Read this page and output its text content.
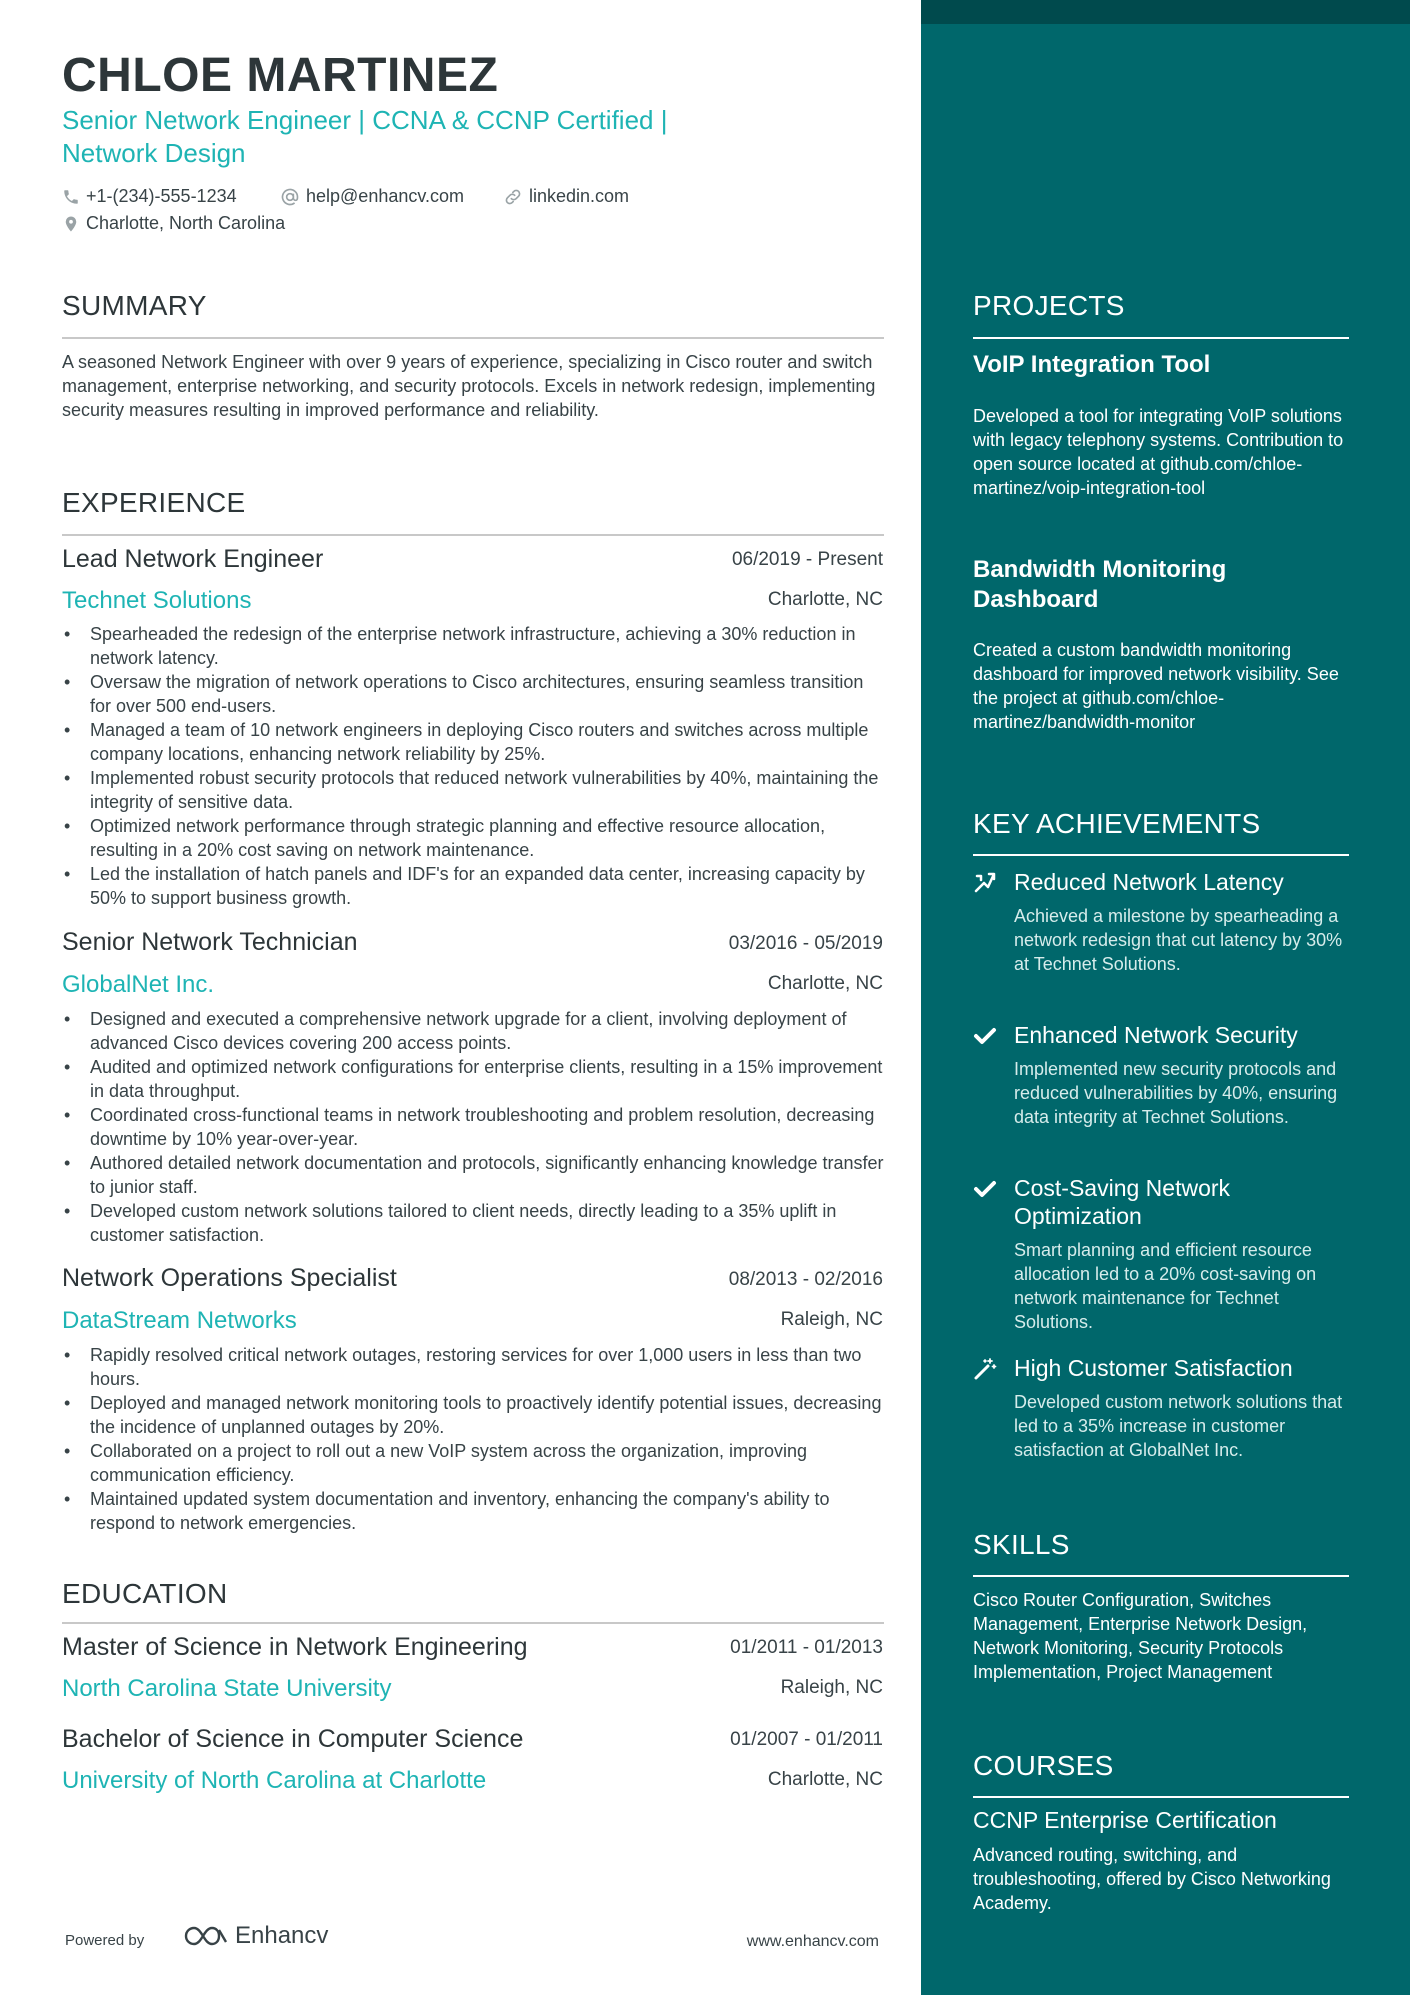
CHLOE MARTINEZ
Senior Network Engineer | CCNA & CCNP Certified | Network Design
+1-(234)-555-1234	help@enhancv.com	linkedin.com
Charlotte, North Carolina
SUMMARY
A seasoned Network Engineer with over 9 years of experience, specializing in Cisco router and switch management, enterprise networking, and security protocols. Excels in network redesign, implementing security measures resulting in improved performance and reliability.
EXPERIENCE
Lead Network Engineer	06/2019 - Present
Technet Solutions	Charlotte, NC
• Spearheaded the redesign of the enterprise network infrastructure, achieving a 30% reduction in network latency.
• Oversaw the migration of network operations to Cisco architectures, ensuring seamless transition for over 500 end-users.
• Managed a team of 10 network engineers in deploying Cisco routers and switches across multiple company locations, enhancing network reliability by 25%.
• Implemented robust security protocols that reduced network vulnerabilities by 40%, maintaining the integrity of sensitive data.
• Optimized network performance through strategic planning and effective resource allocation, resulting in a 20% cost saving on network maintenance.
• Led the installation of hatch panels and IDF's for an expanded data center, increasing capacity by 50% to support business growth.
Senior Network Technician	03/2016 - 05/2019
GlobalNet Inc.	Charlotte, NC
• Designed and executed a comprehensive network upgrade for a client, involving deployment of advanced Cisco devices covering 200 access points.
• Audited and optimized network configurations for enterprise clients, resulting in a 15% improvement in data throughput.
• Coordinated cross-functional teams in network troubleshooting and problem resolution, decreasing downtime by 10% year-over-year.
• Authored detailed network documentation and protocols, significantly enhancing knowledge transfer to junior staff.
• Developed custom network solutions tailored to client needs, directly leading to a 35% uplift in customer satisfaction.
Network Operations Specialist	08/2013 - 02/2016
DataStream Networks	Raleigh, NC
• Rapidly resolved critical network outages, restoring services for over 1,000 users in less than two hours.
• Deployed and managed network monitoring tools to proactively identify potential issues, decreasing the incidence of unplanned outages by 20%.
• Collaborated on a project to roll out a new VoIP system across the organization, improving communication efficiency.
• Maintained updated system documentation and inventory, enhancing the company's ability to respond to network emergencies.
EDUCATION
Master of Science in Network Engineering	01/2011 - 01/2013
North Carolina State University	Raleigh, NC
Bachelor of Science in Computer Science	01/2007 - 01/2011
University of North Carolina at Charlotte	Charlotte, NC
Powered by	Enhancv	www.enhancv.com
PROJECTS
VoIP Integration Tool
Developed a tool for integrating VoIP solutions with legacy telephony systems. Contribution to open source located at github.com/chloe-martinez/voip-integration-tool
Bandwidth Monitoring Dashboard
Created a custom bandwidth monitoring dashboard for improved network visibility. See the project at github.com/chloe-martinez/bandwidth-monitor
KEY ACHIEVEMENTS
Reduced Network Latency
Achieved a milestone by spearheading a network redesign that cut latency by 30% at Technet Solutions.
Enhanced Network Security
Implemented new security protocols and reduced vulnerabilities by 40%, ensuring data integrity at Technet Solutions.
Cost-Saving Network Optimization
Smart planning and efficient resource allocation led to a 20% cost-saving on network maintenance for Technet Solutions.
High Customer Satisfaction
Developed custom network solutions that led to a 35% increase in customer satisfaction at GlobalNet Inc.
SKILLS
Cisco Router Configuration, Switches Management, Enterprise Network Design, Network Monitoring, Security Protocols Implementation, Project Management
COURSES
CCNP Enterprise Certification
Advanced routing, switching, and troubleshooting, offered by Cisco Networking Academy.
